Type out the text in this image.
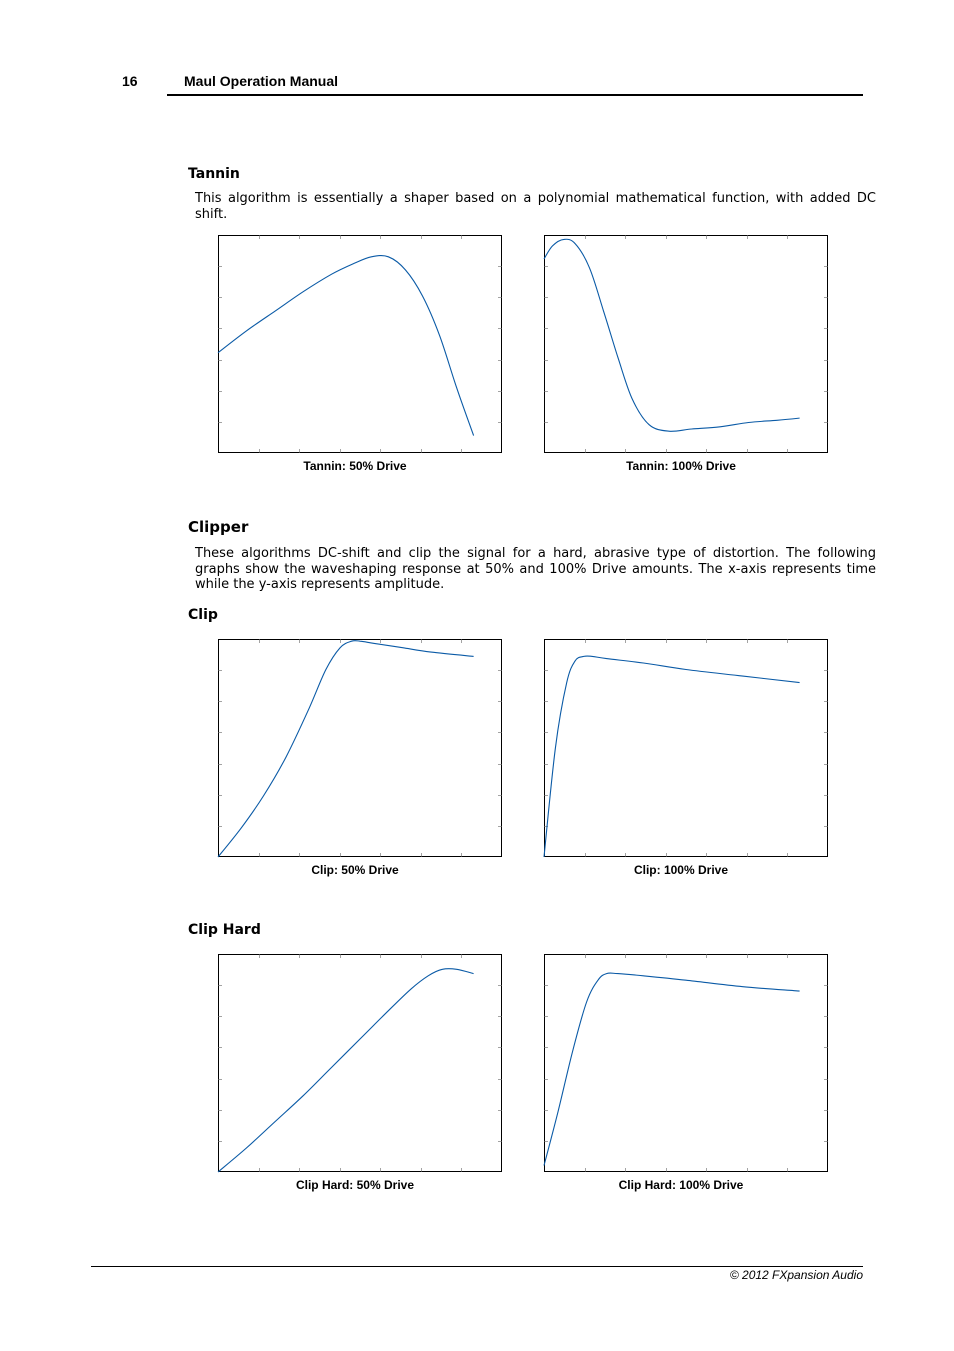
16	Maul Operation Manual
Tannin
This algorithm is essentially a shaper based on a polynomial mathematical function, with added DC shift.
Tannin: 50% Drive	Tannin: 100% Drive
Clipper
These algorithms DC-shift and clip the signal for a hard, abrasive type of distortion. The following graphs show the waveshaping response at 50% and 100% Drive amounts. The x-axis represents time while the y-axis represents amplitude.
Clip
Clip: 50% Drive	Clip: 100% Drive
Clip Hard
Clip Hard: 50% Drive	Clip Hard: 100% Drive
© 2012 FXpansion Audio
